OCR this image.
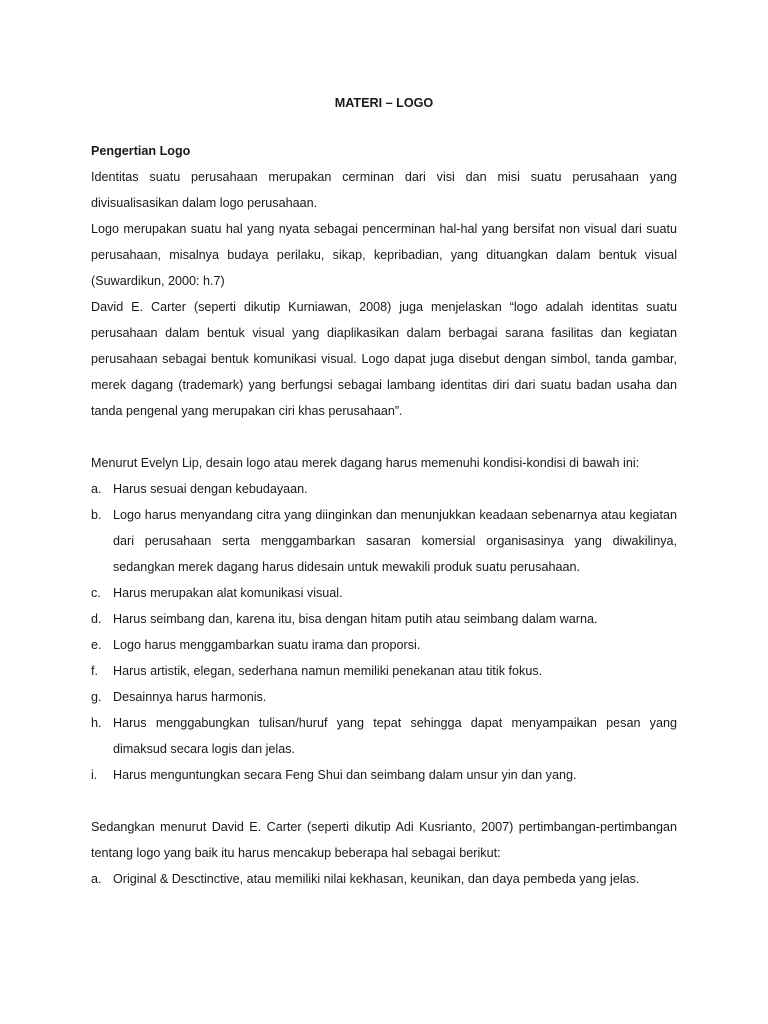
MATERI – LOGO
Pengertian Logo

Identitas suatu perusahaan merupakan cerminan dari visi dan misi suatu perusahaan yang divisualisasikan dalam logo perusahaan.

Logo merupakan suatu hal yang nyata sebagai pencerminan hal-hal yang bersifat non visual dari suatu perusahaan, misalnya budaya perilaku, sikap, kepribadian, yang dituangkan dalam bentuk visual (Suwardikun, 2000: h.7)

David E. Carter (seperti dikutip Kurniawan, 2008) juga menjelaskan “logo adalah identitas suatu perusahaan dalam bentuk visual yang diaplikasikan dalam berbagai sarana fasilitas dan kegiatan perusahaan sebagai bentuk komunikasi visual. Logo dapat juga disebut dengan simbol, tanda gambar, merek dagang (trademark) yang berfungsi sebagai lambang identitas diri dari suatu badan usaha dan tanda pengenal yang merupakan ciri khas perusahaan”.

Menurut Evelyn Lip, desain logo atau merek dagang harus memenuhi kondisi-kondisi di bawah ini:

a. Harus sesuai dengan kebudayaan.
b. Logo harus menyandang citra yang diinginkan dan menunjukkan keadaan sebenarnya atau kegiatan dari perusahaan serta menggambarkan sasaran komersial organisasinya yang diwakilinya, sedangkan merek dagang harus didesain untuk mewakili produk suatu perusahaan.
c. Harus merupakan alat komunikasi visual.
d. Harus seimbang dan, karena itu, bisa dengan hitam putih atau seimbang dalam warna.
e. Logo harus menggambarkan suatu irama dan proporsi.
f. Harus artistik, elegan, sederhana namun memiliki penekanan atau titik fokus.
g. Desainnya harus harmonis.
h. Harus menggabungkan tulisan/huruf yang tepat sehingga dapat menyampaikan pesan yang dimaksud secara logis dan jelas.
i. Harus menguntungkan secara Feng Shui dan seimbang dalam unsur yin dan yang.

Sedangkan menurut David E. Carter (seperti dikutip Adi Kusrianto, 2007) pertimbangan-pertimbangan tentang logo yang baik itu harus mencakup beberapa hal sebagai berikut:

a. Original & Desctinctive, atau memiliki nilai kekhasan, keunikan, dan daya pembeda yang jelas.
